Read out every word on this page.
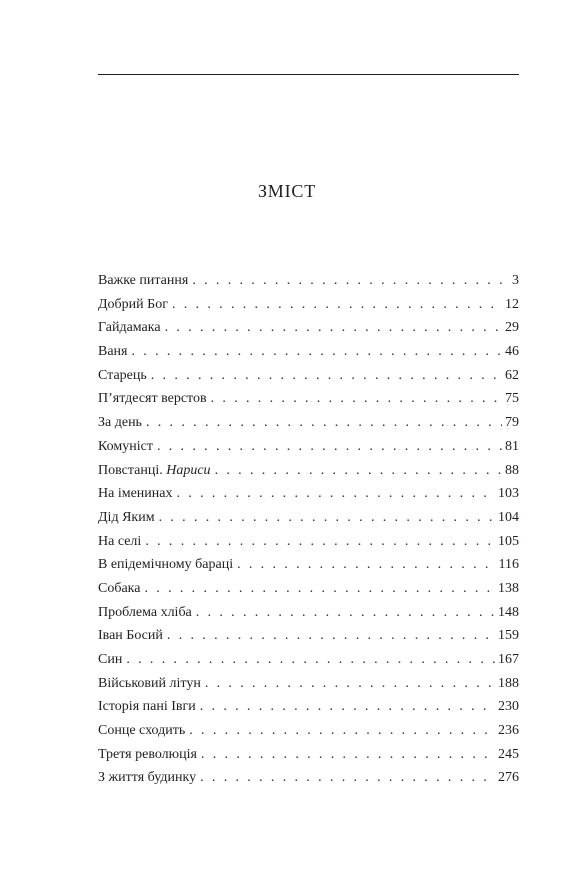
ЗМІСТ
Важке питання . . .	3
Добрий Бог . . .	12
Гайдамака . . .	29
Ваня . . .	46
Старець . . .	62
П’ятдесят верстов . . .	75
За день . . .	79
Комуніст . . .	81
Повстанці. Нариси . . .	88
На іменинах . . .	103
Дід Яким . . .	104
На селі . . .	105
В епідемічному бараці . . .	116
Собака . . .	138
Проблема хліба . . .	148
Іван Босий . . .	159
Син . . .	167
Військовий літун . . .	188
Історія пані Івги . . .	230
Сонце сходить . . .	236
Третя революція . . .	245
З життя будинку . . .	276
